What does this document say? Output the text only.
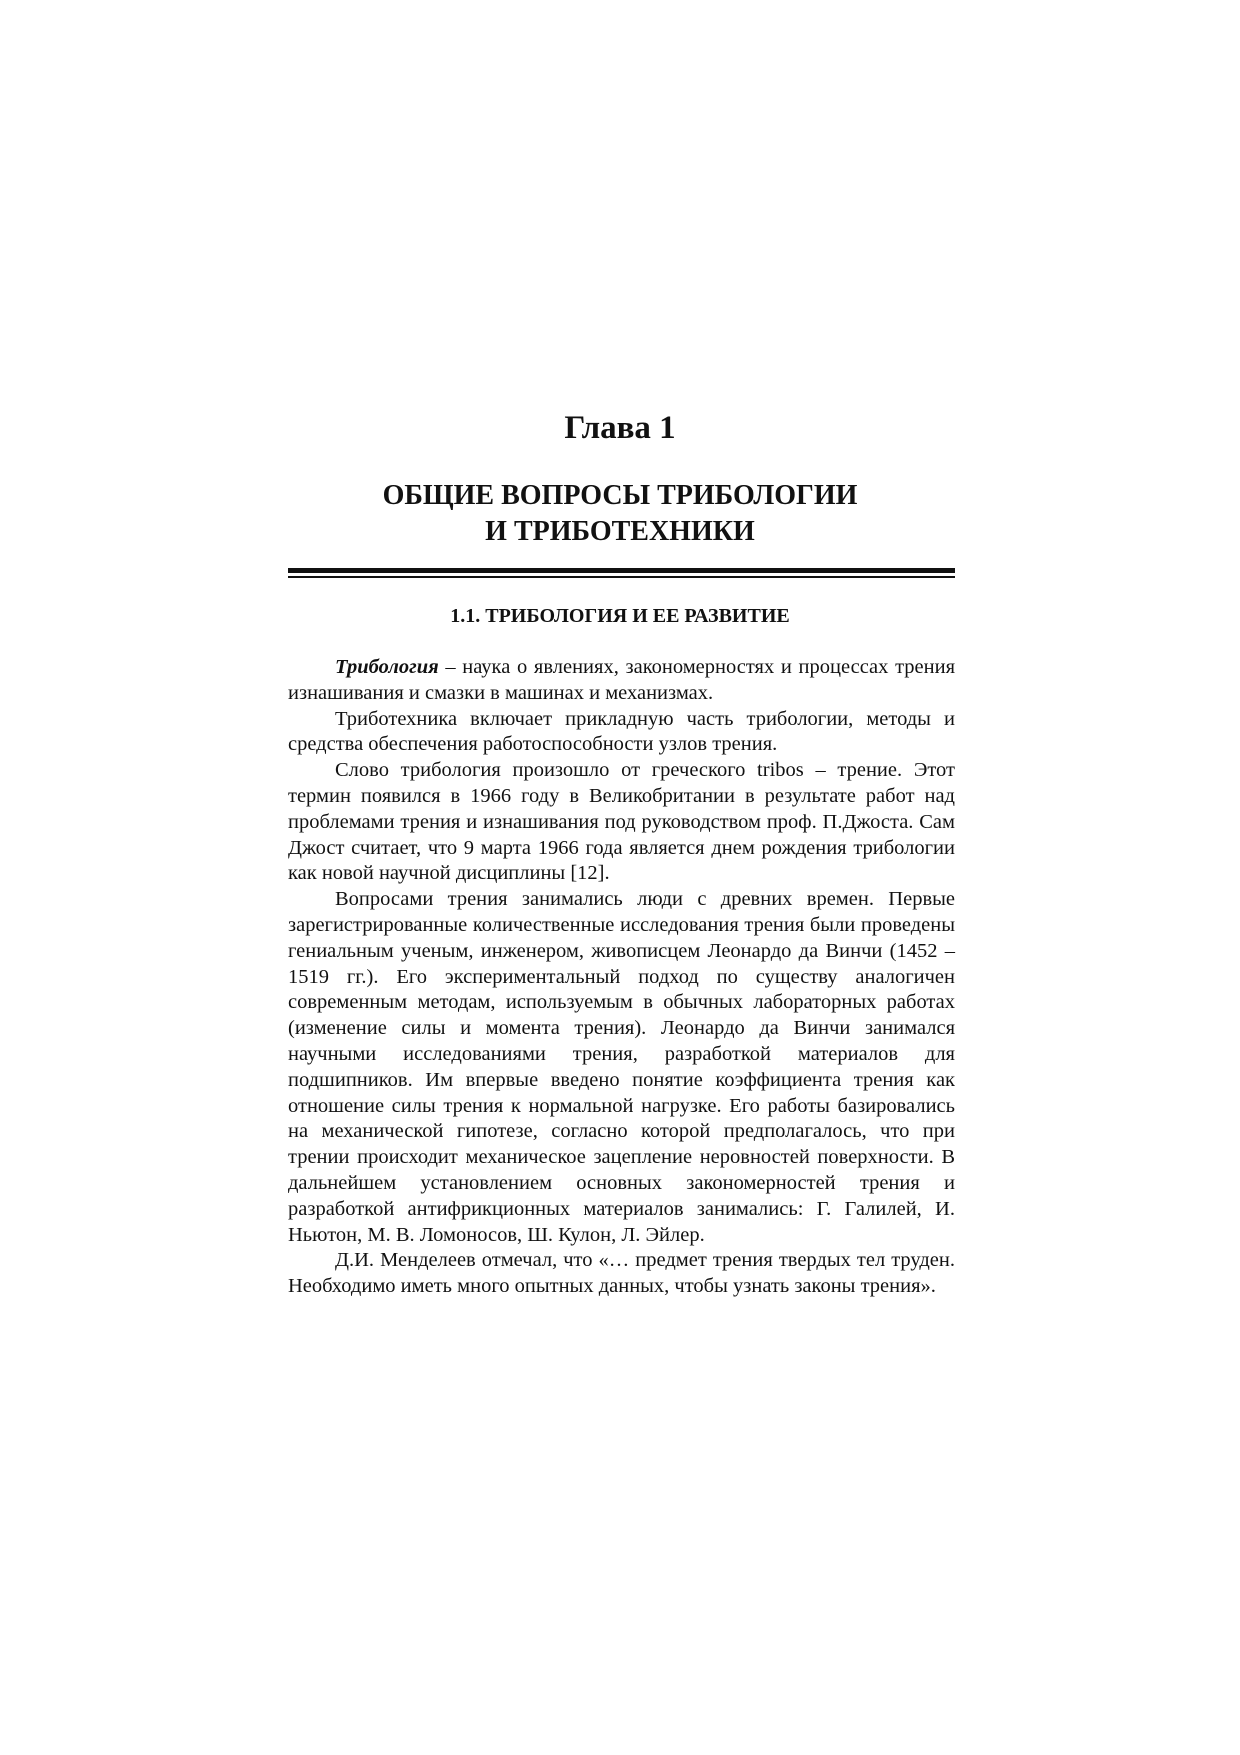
Глава 1
ОБЩИЕ ВОПРОСЫ ТРИБОЛОГИИ
И ТРИБОТЕХНИКИ
1.1. ТРИБОЛОГИЯ И ЕЕ РАЗВИТИЕ

Трибология – наука о явлениях, закономерностях и процессах трения изнашивания и смазки в машинах и механизмах.

Триботехника включает прикладную часть трибологии, методы и средства обеспечения работоспособности узлов трения.

Слово трибология произошло от греческого tribos – трение. Этот термин появился в 1966 году в Великобритании в результате работ над проблемами трения и изнашивания под руководством проф. П.Джоста. Сам Джост считает, что 9 марта 1966 года является днем рождения трибологии как новой научной дисциплины [12].

Вопросами трения занимались люди с древних времен. Первые зарегистрированные количественные исследования трения были проведены гениальным ученым, инженером, живописцем Леонардо да Винчи (1452 – 1519 гг.). Его экспериментальный подход по существу аналогичен современным методам, используемым в обычных лабораторных работах (изменение силы и момента трения). Леонардо да Винчи занимался научными исследованиями трения, разработкой материалов для подшипников. Им впервые введено понятие коэффициента трения как отношение силы трения к нормальной нагрузке. Его работы базировались на механической гипотезе, согласно которой предполагалось, что при трении происходит механическое зацепление неровностей поверхности. В дальнейшем установлением основных закономерностей трения и разработкой антифрикционных материалов занимались: Г. Галилей, И. Ньютон, М. В. Ломоносов, Ш. Кулон, Л. Эйлер.

Д.И. Менделеев отмечал, что «… предмет трения твердых тел труден. Необходимо иметь много опытных данных, чтобы узнать законы трения».
